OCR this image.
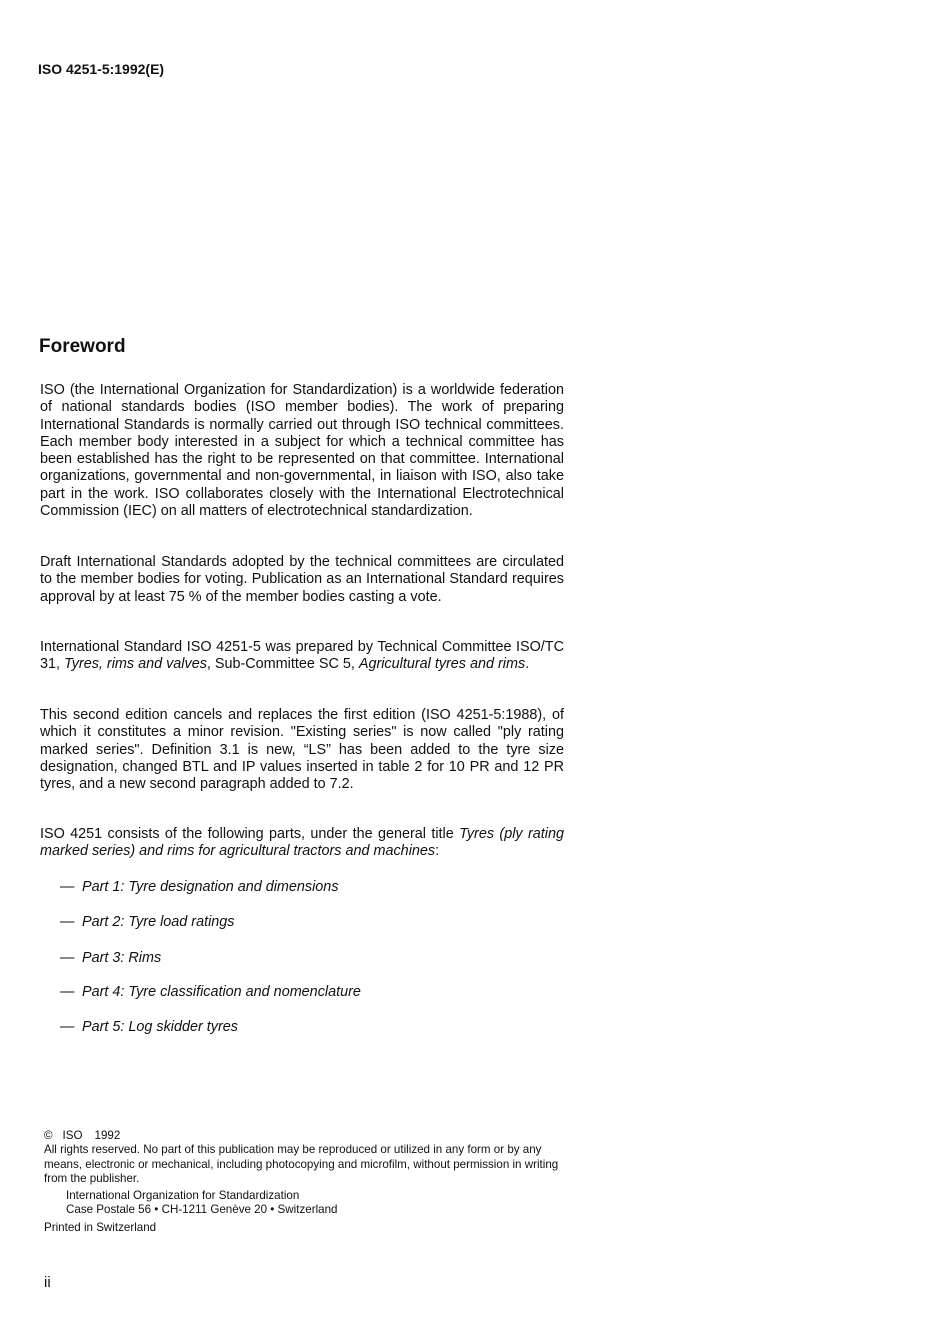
ISO 4251-5:1992(E)
Foreword
ISO (the International Organization for Standardization) is a worldwide federation of national standards bodies (ISO member bodies). The work of preparing International Standards is normally carried out through ISO technical committees. Each member body interested in a subject for which a technical committee has been established has the right to be represented on that committee. International organizations, governmental and non-governmental, in liaison with ISO, also take part in the work. ISO collaborates closely with the International Electrotechnical Commission (IEC) on all matters of electrotechnical standardization.
Draft International Standards adopted by the technical committees are circulated to the member bodies for voting. Publication as an International Standard requires approval by at least 75 % of the member bodies casting a vote.
International Standard ISO 4251-5 was prepared by Technical Committee ISO/TC 31, Tyres, rims and valves, Sub-Committee SC 5, Agricultural tyres and rims.
This second edition cancels and replaces the first edition (ISO 4251-5:1988), of which it constitutes a minor revision. "Existing series" is now called "ply rating marked series". Definition 3.1 is new, “LS” has been added to the tyre size designation, changed BTL and IP values inserted in table 2 for 10 PR and 12 PR tyres, and a new second paragraph added to 7.2.
ISO 4251 consists of the following parts, under the general title Tyres (ply rating marked series) and rims for agricultural tractors and machines:
— Part 1: Tyre designation and dimensions
— Part 2: Tyre load ratings
— Part 3: Rims
— Part 4: Tyre classification and nomenclature
— Part 5: Log skidder tyres
© ISO 1992
All rights reserved. No part of this publication may be reproduced or utilized in any form or by any means, electronic or mechanical, including photocopying and microfilm, without permission in writing from the publisher.
International Organization for Standardization
Case Postale 56 • CH-1211 Genève 20 • Switzerland
Printed in Switzerland
ii
